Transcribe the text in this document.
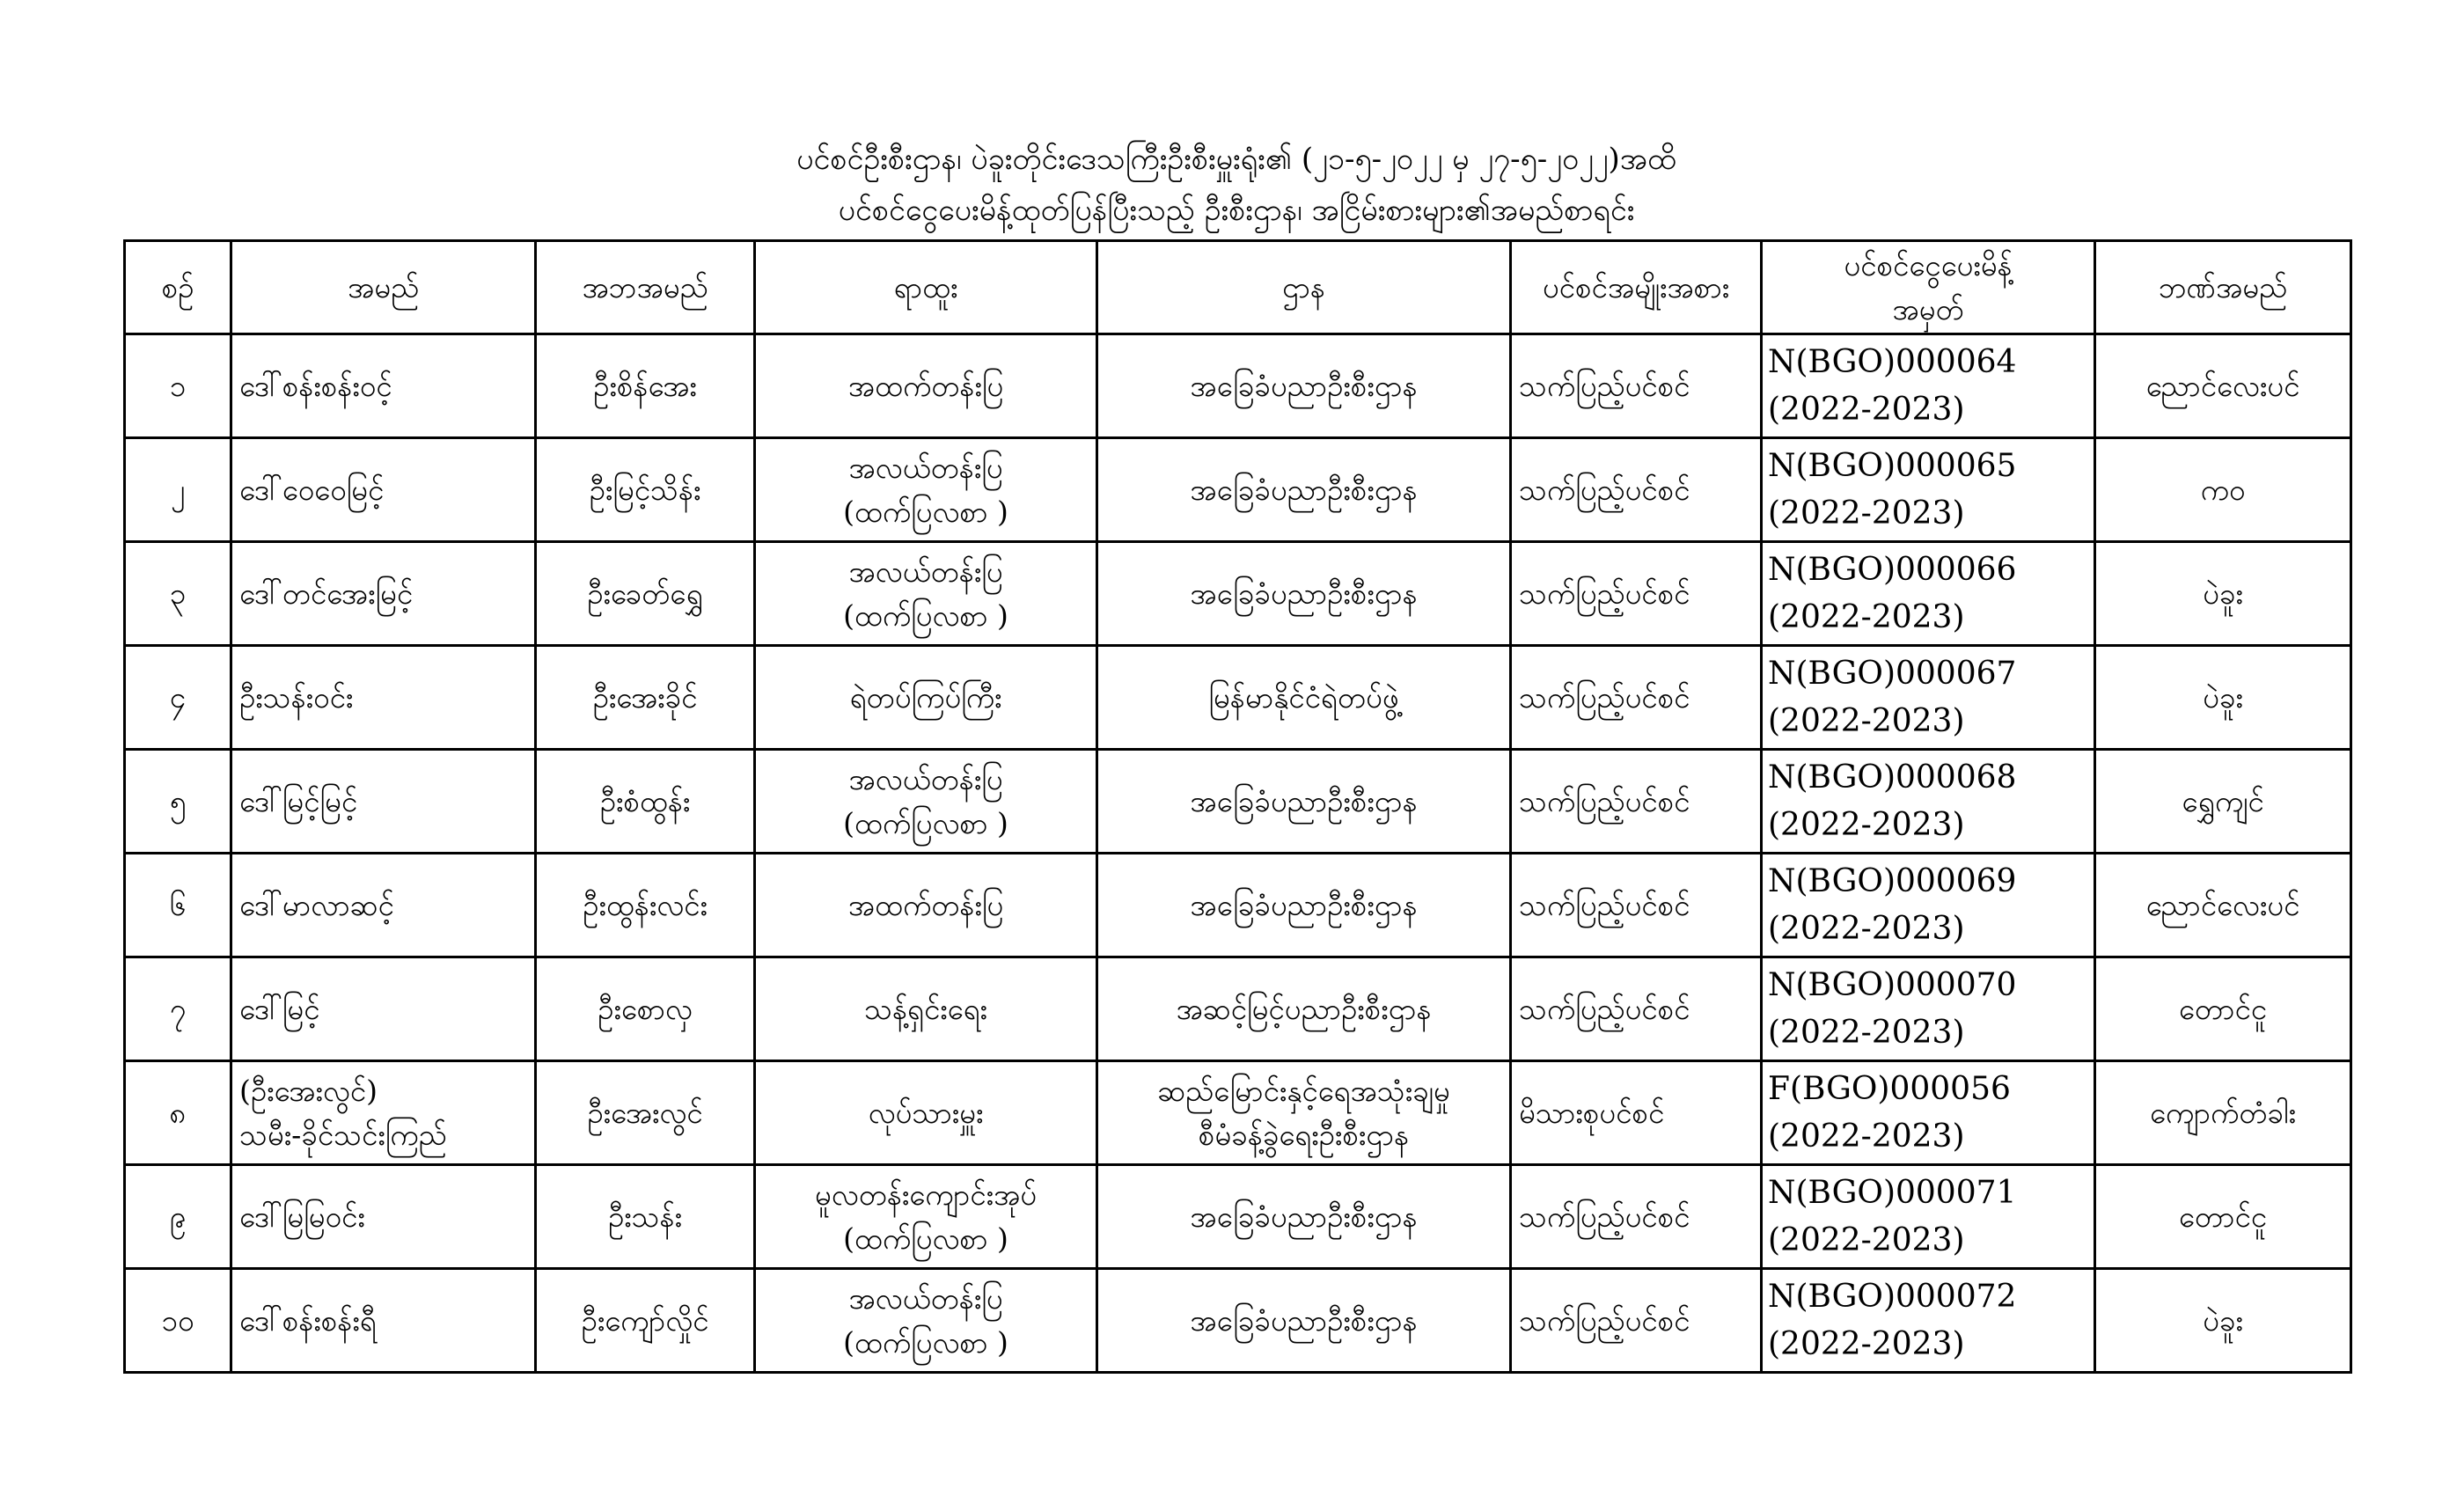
ပင်စင်ဦးစီးဌာန၊ ပဲခူးတိုင်းဒေသကြီးဦးစီးမှူးရုံး၏ (၂၁-၅-၂၀၂၂ မှ ၂၇-၅-၂၀၂၂)အထိ
ပင်စင်ငွေပေးမိန့်ထုတ်ပြန်ပြီးသည့် ဦးစီးဌာန၊ အငြိမ်းစားများ၏အမည်စာရင်း
စဉ်	အမည်	အဘအမည်	ရာထူး	ဌာန	ပင်စင်အမျိုးအစား	ပင်စင်ငွေပေးမိန့်
အမှတ်	ဘဏ်အမည်

၁	ဒေါ်စန်းစန်းဝင့်	ဦးစိန်အေး	အထက်တန်းပြ	အခြေခံပညာဦးစီးဌာန	သက်ပြည့်ပင်စင်	N(BGO)000064
(2022-2023)	ညောင်လေးပင်

၂	ဒေါ်ဝေဝေမြင့်	ဦးမြင့်သိန်း	အလယ်တန်းပြ
(ထက်ပြလစာ )	အခြေခံပညာဦးစီးဌာန	သက်ပြည့်ပင်စင်	N(BGO)000065
(2022-2023)	ကဝ

၃	ဒေါ်တင်အေးမြင့်	ဦးခေတ်ရွှေ	အလယ်တန်းပြ
(ထက်ပြလစာ )	အခြေခံပညာဦးစီးဌာန	သက်ပြည့်ပင်စင်	N(BGO)000066
(2022-2023)	ပဲခူး

၄	ဦးသန်းဝင်း	ဦးအေးခိုင်	ရဲတပ်ကြပ်ကြီး	မြန်မာနိုင်ငံရဲတပ်ဖွဲ့	သက်ပြည့်ပင်စင်	N(BGO)000067
(2022-2023)	ပဲခူး

၅	ဒေါ်မြင့်မြင့်	ဦးစံထွန်း	အလယ်တန်းပြ
(ထက်ပြလစာ )	အခြေခံပညာဦးစီးဌာန	သက်ပြည့်ပင်စင်	N(BGO)000068
(2022-2023)	ရွှေကျင်

၆	ဒေါ်မာလာဆင့်	ဦးထွန်းလင်း	အထက်တန်းပြ	အခြေခံပညာဦးစီးဌာန	သက်ပြည့်ပင်စင်	N(BGO)000069
(2022-2023)	ညောင်လေးပင်

၇	ဒေါ်မြင့်	ဦးစောလှ	သန့်ရှင်းရေး	အဆင့်မြင့်ပညာဦးစီးဌာန	သက်ပြည့်ပင်စင်	N(BGO)000070
(2022-2023)	တောင်ငူ

၈	(ဦးအေးလွင်)
သမီး-ခိုင်သင်းကြည်	ဦးအေးလွင်	လုပ်သားမှူး	ဆည်မြောင်းနှင့်ရေအသုံးချမှု
စီမံခန့်ခွဲရေးဦးစီးဌာန	မိသားစုပင်စင်	F(BGO)000056
(2022-2023)	ကျောက်တံခါး

၉	ဒေါ်မြမြဝင်း	ဦးသန်း	မူလတန်းကျောင်းအုပ်
(ထက်ပြလစာ )	အခြေခံပညာဦးစီးဌာန	သက်ပြည့်ပင်စင်	N(BGO)000071
(2022-2023)	တောင်ငူ

၁၀	ဒေါ်စန်းစန်းရီ	ဦးကျော်လှိုင်	အလယ်တန်းပြ
(ထက်ပြလစာ )	အခြေခံပညာဦးစီးဌာန	သက်ပြည့်ပင်စင်	N(BGO)000072
(2022-2023)	ပဲခူး
